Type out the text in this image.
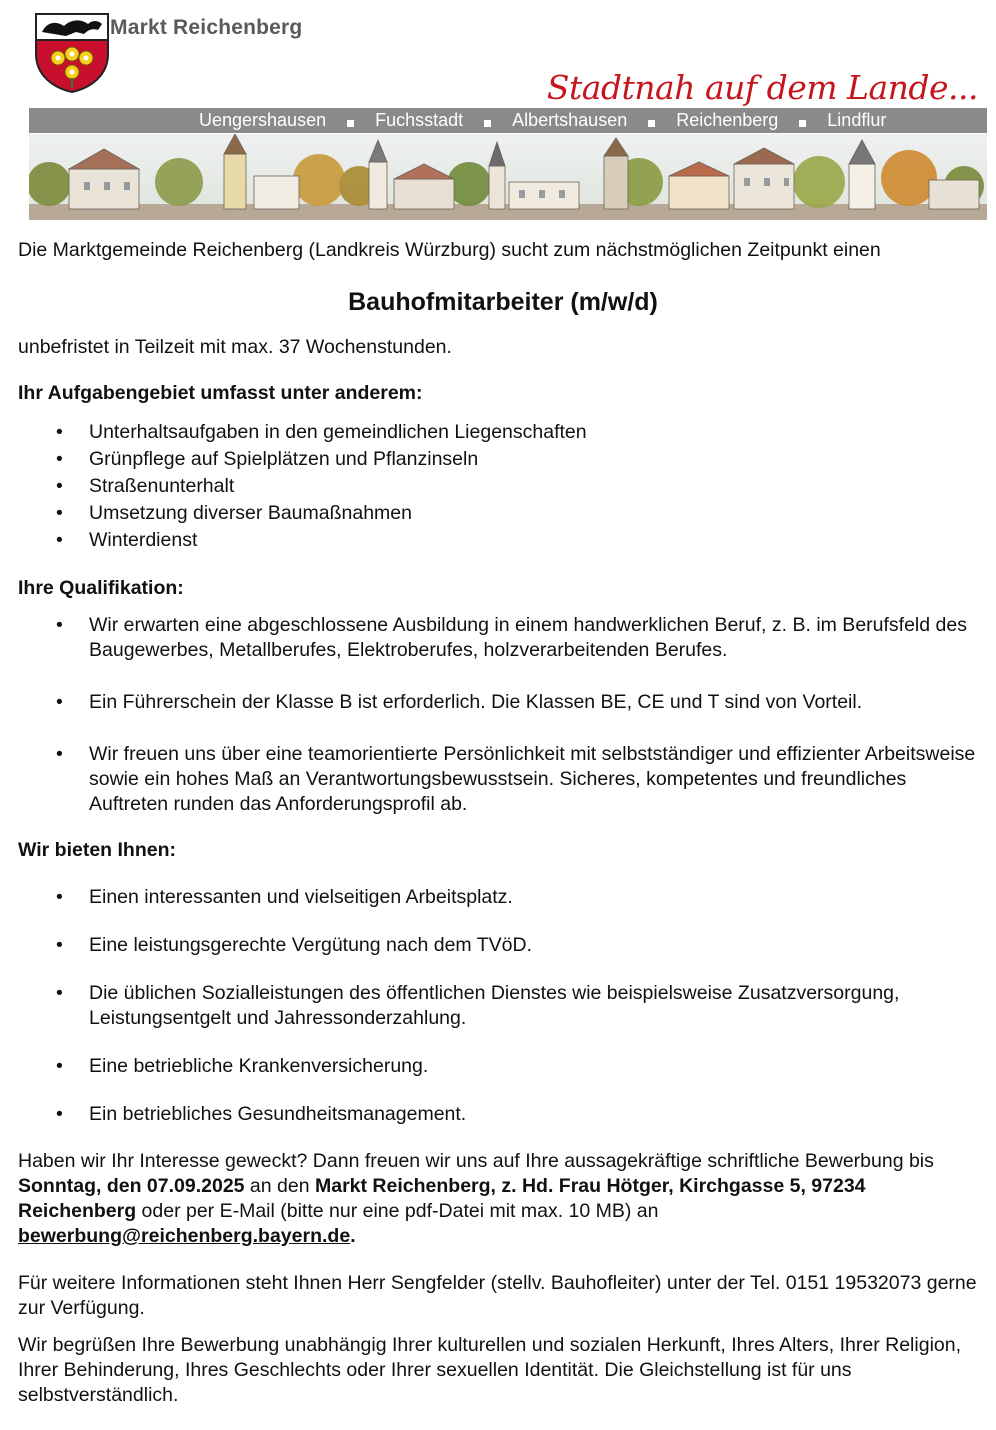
Markt Reichenberg
Stadtnah auf dem Lande...
Uengershausen	Fuchsstadt	Albertshausen	Reichenberg	Lindflur

Die Marktgemeinde Reichenberg (Landkreis Würzburg) sucht zum nächstmöglichen Zeitpunkt einen

Bauhofmitarbeiter (m/w/d)

unbefristet in Teilzeit mit max. 37 Wochenstunden.

Ihr Aufgabengebiet umfasst unter anderem:

• Unterhaltsaufgaben in den gemeindlichen Liegenschaften
• Grünpflege auf Spielplätzen und Pflanzinseln
• Straßenunterhalt
• Umsetzung diverser Baumaßnahmen
• Winterdienst

Ihre Qualifikation:

• Wir erwarten eine abgeschlossene Ausbildung in einem handwerklichen Beruf, z. B. im Berufsfeld des Baugewerbes, Metallberufes, Elektroberufes, holzverarbeitenden Berufes.
• Ein Führerschein der Klasse B ist erforderlich. Die Klassen BE, CE und T sind von Vorteil.
• Wir freuen uns über eine teamorientierte Persönlichkeit mit selbstständiger und effizienter Arbeitsweise sowie ein hohes Maß an Verantwortungsbewusstsein. Sicheres, kompetentes und freundliches Auftreten runden das Anforderungsprofil ab.

Wir bieten Ihnen:

• Einen interessanten und vielseitigen Arbeitsplatz.
• Eine leistungsgerechte Vergütung nach dem TVöD.
• Die üblichen Sozialleistungen des öffentlichen Dienstes wie beispielsweise Zusatzversorgung, Leistungsentgelt und Jahressonderzahlung.
• Eine betriebliche Krankenversicherung.
• Ein betriebliches Gesundheitsmanagement.

Haben wir Ihr Interesse geweckt? Dann freuen wir uns auf Ihre aussagekräftige schriftliche Bewerbung bis Sonntag, den 07.09.2025 an den Markt Reichenberg, z. Hd. Frau Hötger, Kirchgasse 5, 97234 Reichenberg oder per E-Mail (bitte nur eine pdf-Datei mit max. 10 MB) an bewerbung@reichenberg.bayern.de.

Für weitere Informationen steht Ihnen Herr Sengfelder (stellv. Bauhofleiter) unter der Tel. 0151 19532073 gerne zur Verfügung.

Wir begrüßen Ihre Bewerbung unabhängig Ihrer kulturellen und sozialen Herkunft, Ihres Alters, Ihrer Religion, Ihrer Behinderung, Ihres Geschlechts oder Ihrer sexuellen Identität. Die Gleichstellung ist für uns selbstverständlich.
